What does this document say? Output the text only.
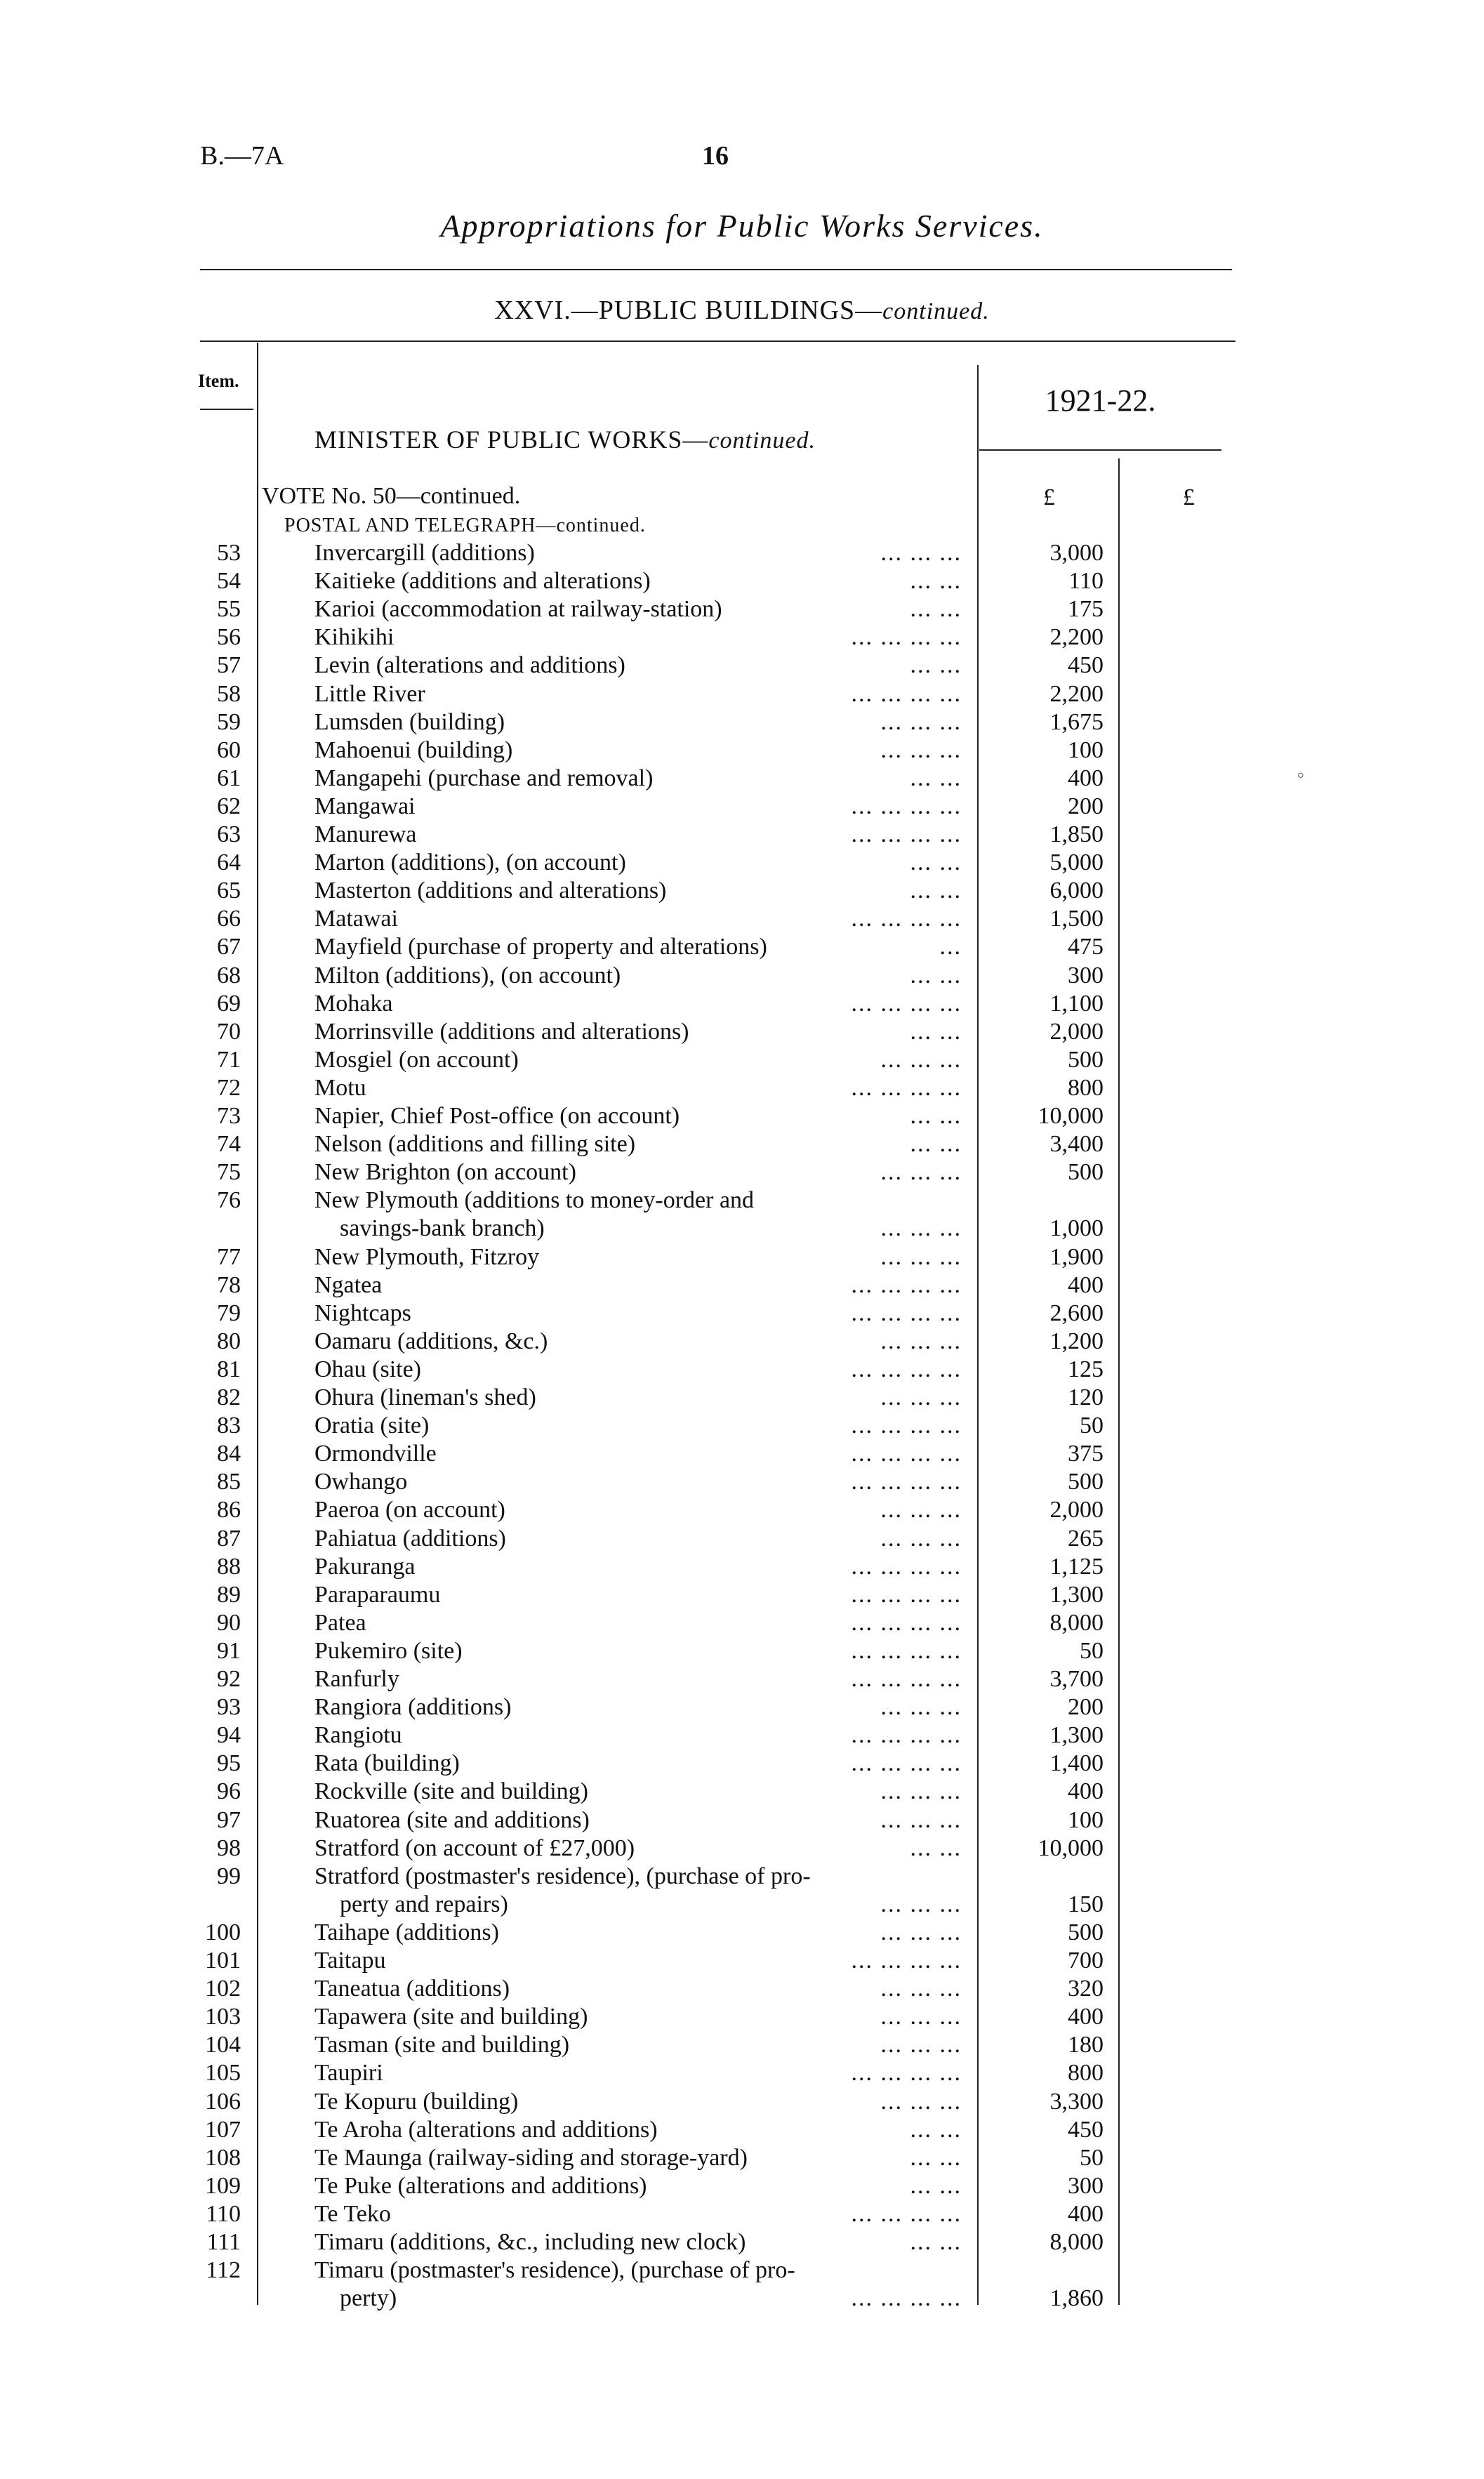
B.—7A	16
Appropriations for Public Works Services.
XXVI.—PUBLIC BUILDINGS—continued.
Item.
MINISTER OF PUBLIC WORKS—continued.
1921-22.
VOTE No. 50—continued.
POSTAL AND TELEGRAPH—continued.
£	£
53	Invercargill (additions)	3,000
... ... ...
54	Kaitieke (additions and alterations)	110
... ...
55	Karioi (accommodation at railway-station)	175
... ...
56	Kihikihi	2,200
... ... ... ...
57	Levin (alterations and additions)	450
... ...
58	Little River	2,200
... ... ... ...
59	Lumsden (building)	1,675
... ... ...
60	Mahoenui (building)	100
... ... ...
61	Mangapehi (purchase and removal)	400
... ...
62	Mangawai	200
... ... ... ...
63	Manurewa	1,850
... ... ... ...
64	Marton (additions), (on account)	5,000
... ...
65	Masterton (additions and alterations)	6,000
... ...
66	Matawai	1,500
... ... ... ...
67	Mayfield (purchase of property and alterations)	475
...
68	Milton (additions), (on account)	300
... ...
69	Mohaka	1,100
... ... ... ...
70	Morrinsville (additions and alterations)	2,000
... ...
71	Mosgiel (on account)	500
... ... ...
72	Motu	800
... ... ... ...
73	Napier, Chief Post-office (on account)	10,000
... ...
74	Nelson (additions and filling site)	3,400
... ...
75	New Brighton (on account)	500
... ... ...
76	New Plymouth (additions to money-order and
savings-bank branch)	1,000
... ... ...
77	New Plymouth, Fitzroy	1,900
... ... ...
78	Ngatea	400
... ... ... ...
79	Nightcaps	2,600
... ... ... ...
80	Oamaru (additions, &c.)	1,200
... ... ...
81	Ohau (site)	125
... ... ... ...
82	Ohura (lineman's shed)	120
... ... ...
83	Oratia (site)	50
... ... ... ...
84	Ormondville	375
... ... ... ...
85	Owhango	500
... ... ... ...
86	Paeroa (on account)	2,000
... ... ...
87	Pahiatua (additions)	265
... ... ...
88	Pakuranga	1,125
... ... ... ...
89	Paraparaumu	1,300
... ... ... ...
90	Patea	8,000
... ... ... ...
91	Pukemiro (site)	50
... ... ... ...
92	Ranfurly	3,700
... ... ... ...
93	Rangiora (additions)	200
... ... ...
94	Rangiotu	1,300
... ... ... ...
95	Rata (building)	1,400
... ... ... ...
96	Rockville (site and building)	400
... ... ...
97	Ruatorea (site and additions)	100
... ... ...
98	Stratford (on account of £27,000)	10,000
... ...
99	Stratford (postmaster's residence), (purchase of pro-
perty and repairs)	150
... ... ...
100	Taihape (additions)	500
... ... ...
101	Taitapu	700
... ... ... ...
102	Taneatua (additions)	320
... ... ...
103	Tapawera (site and building)	400
... ... ...
104	Tasman (site and building)	180
... ... ...
105	Taupiri	800
... ... ... ...
106	Te Kopuru (building)	3,300
... ... ...
107	Te Aroha (alterations and additions)	450
... ...
108	Te Maunga (railway-siding and storage-yard)	50
... ...
109	Te Puke (alterations and additions)	300
... ...
110	Te Teko	400
... ... ... ...
111	Timaru (additions, &c., including new clock)	8,000
... ...
112	Timaru (postmaster's residence), (purchase of pro-
perty)	1,860
... ... ... ...
○
